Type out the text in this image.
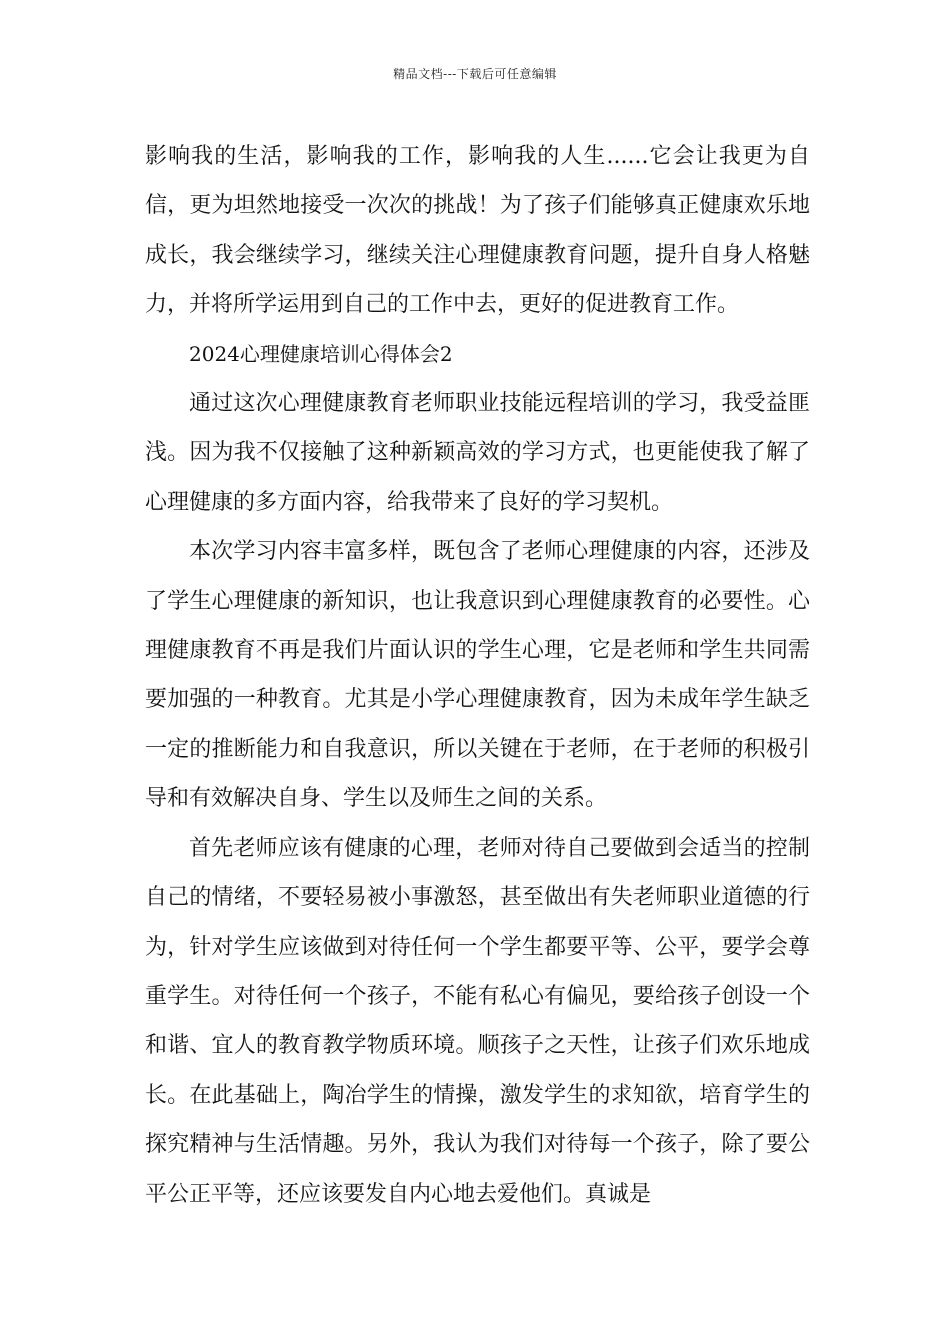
精品文档---下载后可任意编辑

影响我的生活，影响我的工作，影响我的人生......它会让我更为自信，更为坦然地接受一次次的挑战！为了孩子们能够真正健康欢乐地成长，我会继续学习，继续关注心理健康教育问题，提升自身人格魅力，并将所学运用到自己的工作中去，更好的促进教育工作。

2024心理健康培训心得体会2

通过这次心理健康教育老师职业技能远程培训的学习，我受益匪浅。因为我不仅接触了这种新颖高效的学习方式，也更能使我了解了心理健康的多方面内容，给我带来了良好的学习契机。

本次学习内容丰富多样，既包含了老师心理健康的内容，还涉及了学生心理健康的新知识，也让我意识到心理健康教育的必要性。心理健康教育不再是我们片面认识的学生心理，它是老师和学生共同需要加强的一种教育。尤其是小学心理健康教育，因为未成年学生缺乏一定的推断能力和自我意识，所以关键在于老师，在于老师的积极引导和有效解决自身、学生以及师生之间的关系。

首先老师应该有健康的心理，老师对待自己要做到会适当的控制自己的情绪，不要轻易被小事激怒，甚至做出有失老师职业道德的行为，针对学生应该做到对待任何一个学生都要平等、公平，要学会尊重学生。对待任何一个孩子，不能有私心有偏见，要给孩子创设一个和谐、宜人的教育教学物质环境。顺孩子之天性，让孩子们欢乐地成长。在此基础上，陶冶学生的情操，激发学生的求知欲，培育学生的探究精神与生活情趣。另外，我认为我们对待每一个孩子，除了要公平公正平等，还应该要发自内心地去爱他们。真诚是
